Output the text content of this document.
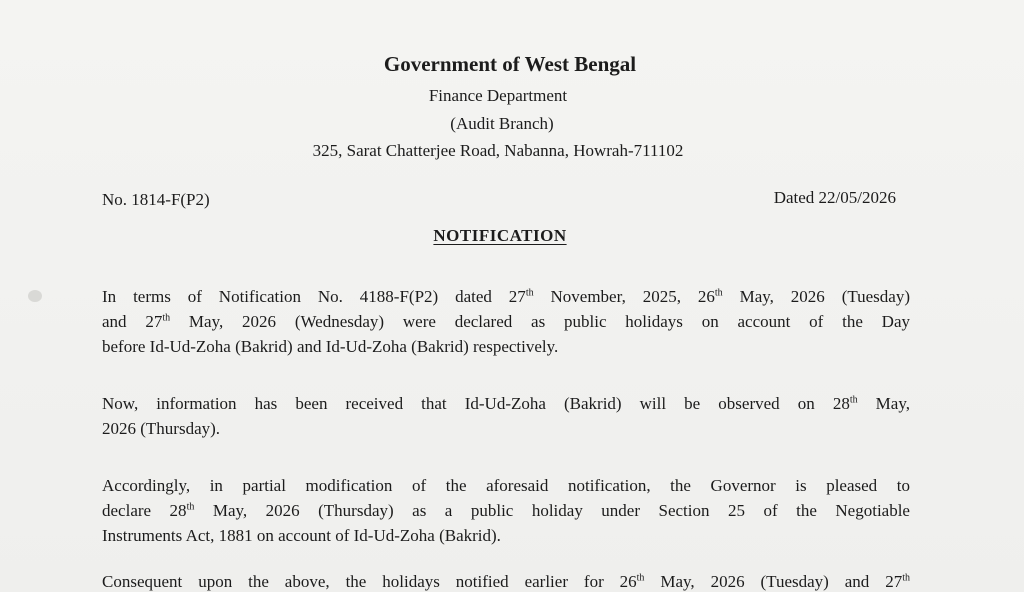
Government of West Bengal
Finance Department
(Audit Branch)
325, Sarat Chatterjee Road, Nabanna, Howrah-711102
No. 1814-F(P2)	Dated 22/05/2026
NOTIFICATION
In terms of Notification No. 4188-F(P2) dated 27th November, 2025, 26th May, 2026 (Tuesday)
and 27th May, 2026 (Wednesday) were declared as public holidays on account of the Day
before Id-Ud-Zoha (Bakrid) and Id-Ud-Zoha (Bakrid) respectively.
Now, information has been received that Id-Ud-Zoha (Bakrid) will be observed on 28th May,
2026 (Thursday).
Accordingly, in partial modification of the aforesaid notification, the Governor is pleased to
declare 28th May, 2026 (Thursday) as a public holiday under Section 25 of the Negotiable
Instruments Act, 1881 on account of Id-Ud-Zoha (Bakrid).
Consequent upon the above, the holidays notified earlier for 26th May, 2026 (Tuesday) and 27th
